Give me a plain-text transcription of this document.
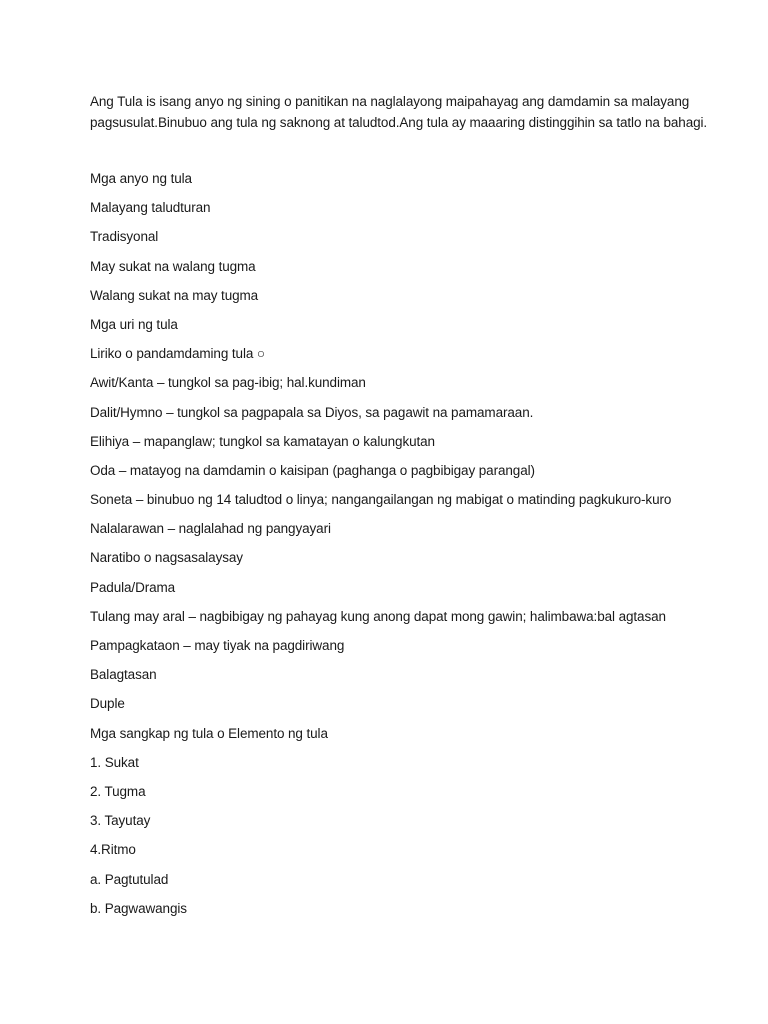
Ang Tula is isang anyo ng sining o panitikan na naglalayong maipahayag ang damdamin sa malayang pagsusulat.Binubuo ang tula ng saknong at taludtod.Ang tula ay maaaring distinggihin sa tatlo na bahagi.

Mga anyo ng tula
Malayang taludturan
Tradisyonal
May sukat na walang tugma
Walang sukat na may tugma
Mga uri ng tula
Liriko o pandamdaming tula ○
Awit/Kanta – tungkol sa pag-ibig; hal.kundiman
Dalit/Hymno – tungkol sa pagpapala sa Diyos, sa pagawit na pamamaraan.
Elihiya – mapanglaw; tungkol sa kamatayan o kalungkutan
Oda – matayog na damdamin o kaisipan (paghanga o pagbibigay parangal)
Soneta – binubuo ng 14 taludtod o linya; nangangailangan ng mabigat o matinding pagkukuro-kuro
Nalalarawan – naglalahad ng pangyayari
Naratibo o nagsasalaysay
Padula/Drama
Tulang may aral – nagbibigay ng pahayag kung anong dapat mong gawin; halimbawa:bal agtasan
Pampagkataon – may tiyak na pagdiriwang
Balagtasan
Duple
Mga sangkap ng tula o Elemento ng tula
1. Sukat
2. Tugma
3. Tayutay
4.Ritmo
a. Pagtutulad
b. Pagwawangis
